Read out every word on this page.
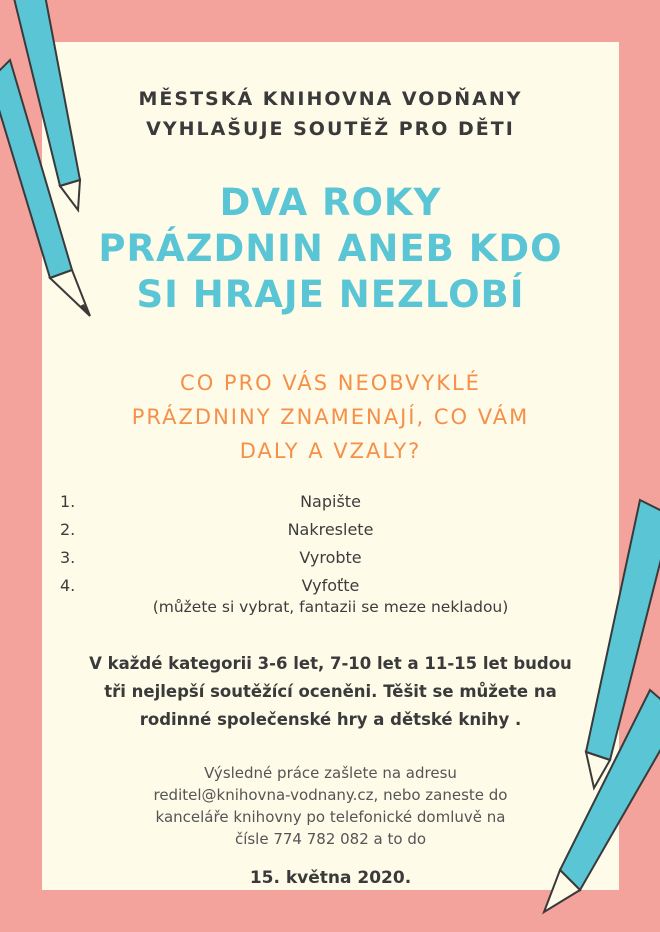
MĚSTSKÁ KNIHOVNA VODŇANY
VYHLAŠUJE SOUTĚŽ PRO DĚTI
DVA ROKY
PRÁZDNIN ANEB KDO
SI HRAJE NEZLOBÍ
CO PRO VÁS NEOBVYKLÉ
PRÁZDNINY ZNAMENAJÍ, CO VÁM
DALY A VZALY?
1.	Napište
2.	Nakreslete
3.	Vyrobte
4.	Vyfoťte
(můžete si vybrat, fantazii se meze nekladou)
V každé kategorii 3-6 let, 7-10 let a 11-15 let budou
tři nejlepší soutěžící oceněni. Těšit se můžete na
rodinné společenské hry a dětské knihy .
Výsledné práce zašlete na adresu
reditel@knihovna-vodnany.cz, nebo zaneste do
kanceláře knihovny po telefonické domluvě na
čísle 774 782 082 a to do
15. května 2020.
